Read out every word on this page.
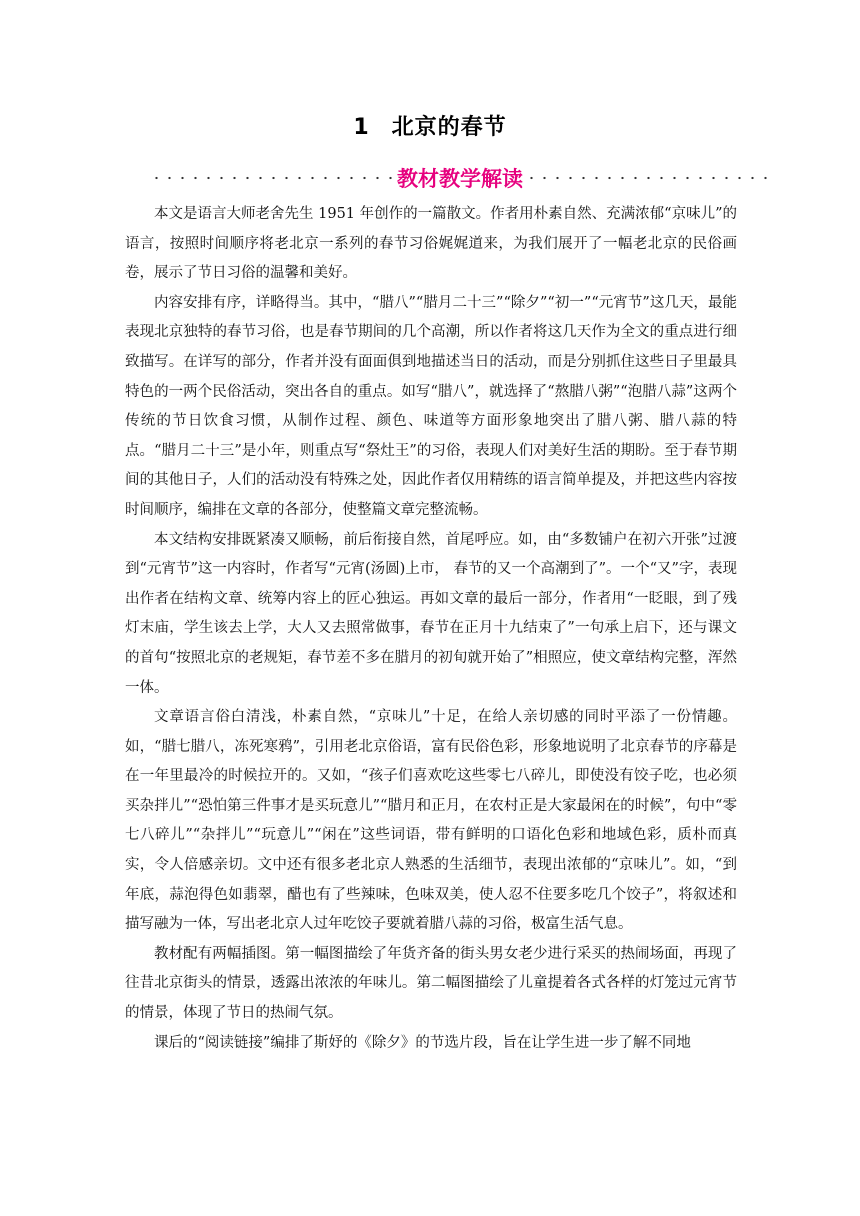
1 北京的春节
教材教学解读

本文是语言大师老舍先生 1951 年创作的一篇散文。作者用朴素自然、充满浓郁“京味儿”的语言，按照时间顺序将老北京一系列的春节习俗娓娓道来，为我们展开了一幅老北京的民俗画卷，展示了节日习俗的温馨和美好。

内容安排有序，详略得当。其中，“腊八”“腊月二十三”“除夕”“初一”“元宵节”这几天，最能表现北京独特的春节习俗，也是春节期间的几个高潮，所以作者将这几天作为全文的重点进行细致描写。在详写的部分，作者并没有面面俱到地描述当日的活动，而是分别抓住这些日子里最具特色的一两个民俗活动，突出各自的重点。如写“腊八”，就选择了“熬腊八粥”“泡腊八蒜”这两个传统的节日饮食习惯，从制作过程、颜色、味道等方面形象地突出了腊八粥、腊八蒜的特点。“腊月二十三”是小年，则重点写“祭灶王”的习俗，表现人们对美好生活的期盼。至于春节期间的其他日子，人们的活动没有特殊之处，因此作者仅用精练的语言简单提及，并把这些内容按时间顺序，编排在文章的各部分，使整篇文章完整流畅。

本文结构安排既紧凑又顺畅，前后衔接自然，首尾呼应。如，由“多数铺户在初六开张”过渡到“元宵节”这一内容时，作者写“元宵(汤圆)上市， 春节的又一个高潮到了”。一个“又”字，表现出作者在结构文章、统筹内容上的匠心独运。再如文章的最后一部分，作者用“一眨眼，到了残灯末庙，学生该去上学，大人又去照常做事，春节在正月十九结束了”一句承上启下，还与课文的首句“按照北京的老规矩，春节差不多在腊月的初旬就开始了”相照应，使文章结构完整，浑然一体。

文章语言俗白清浅，朴素自然，“京味儿”十足，在给人亲切感的同时平添了一份情趣。如，“腊七腊八，冻死寒鸦”，引用老北京俗语，富有民俗色彩，形象地说明了北京春节的序幕是在一年里最冷的时候拉开的。又如，“孩子们喜欢吃这些零七八碎儿，即使没有饺子吃，也必须买杂拌儿”“恐怕第三件事才是买玩意儿”“腊月和正月，在农村正是大家最闲在的时候”，句中“零七八碎儿”“杂拌儿”“玩意儿”“闲在”这些词语，带有鲜明的口语化色彩和地域色彩，质朴而真实，令人倍感亲切。文中还有很多老北京人熟悉的生活细节，表现出浓郁的“京味儿”。如，“到年底，蒜泡得色如翡翠，醋也有了些辣味，色味双美，使人忍不住要多吃几个饺子”，将叙述和描写融为一体，写出老北京人过年吃饺子要就着腊八蒜的习俗，极富生活气息。

教材配有两幅插图。第一幅图描绘了年货齐备的街头男女老少进行采买的热闹场面，再现了往昔北京街头的情景，透露出浓浓的年味儿。第二幅图描绘了儿童提着各式各样的灯笼过元宵节的情景，体现了节日的热闹气氛。

课后的“阅读链接”编排了斯妤的《除夕》的节选片段，旨在让学生进一步了解不同地
